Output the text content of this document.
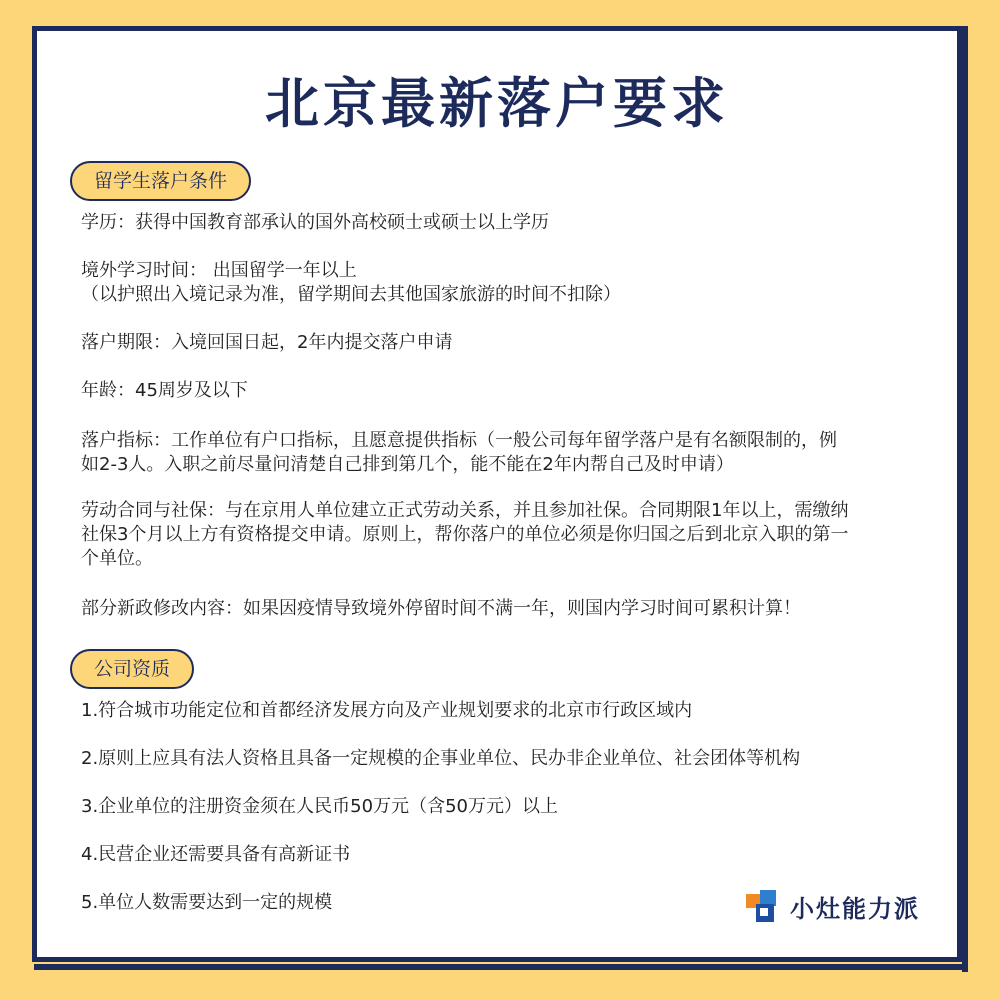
北京最新落户要求
留学生落户条件

学历：获得中国教育部承认的国外高校硕士或硕士以上学历

境外学习时间： 出国留学一年以上
（以护照出入境记录为准，留学期间去其他国家旅游的时间不扣除）

落户期限：入境回国日起，2年内提交落户申请

年龄：45周岁及以下

落户指标：工作单位有户口指标，且愿意提供指标（一般公司每年留学落户是有名额限制的，例
如2-3人。入职之前尽量问清楚自己排到第几个，能不能在2年内帮自己及时申请）

劳动合同与社保：与在京用人单位建立正式劳动关系，并且参加社保。合同期限1年以上，需缴纳
社保3个月以上方有资格提交申请。原则上，帮你落户的单位必须是你归国之后到北京入职的第一
个单位。

部分新政修改内容：如果因疫情导致境外停留时间不满一年，则国内学习时间可累积计算！

公司资质

1.符合城市功能定位和首都经济发展方向及产业规划要求的北京市行政区域内

2.原则上应具有法人资格且具备一定规模的企事业单位、民办非企业单位、社会团体等机构

3.企业单位的注册资金须在人民币50万元（含50万元）以上

4.民营企业还需要具备有高新证书

5.单位人数需要达到一定的规模	小灶能力派
